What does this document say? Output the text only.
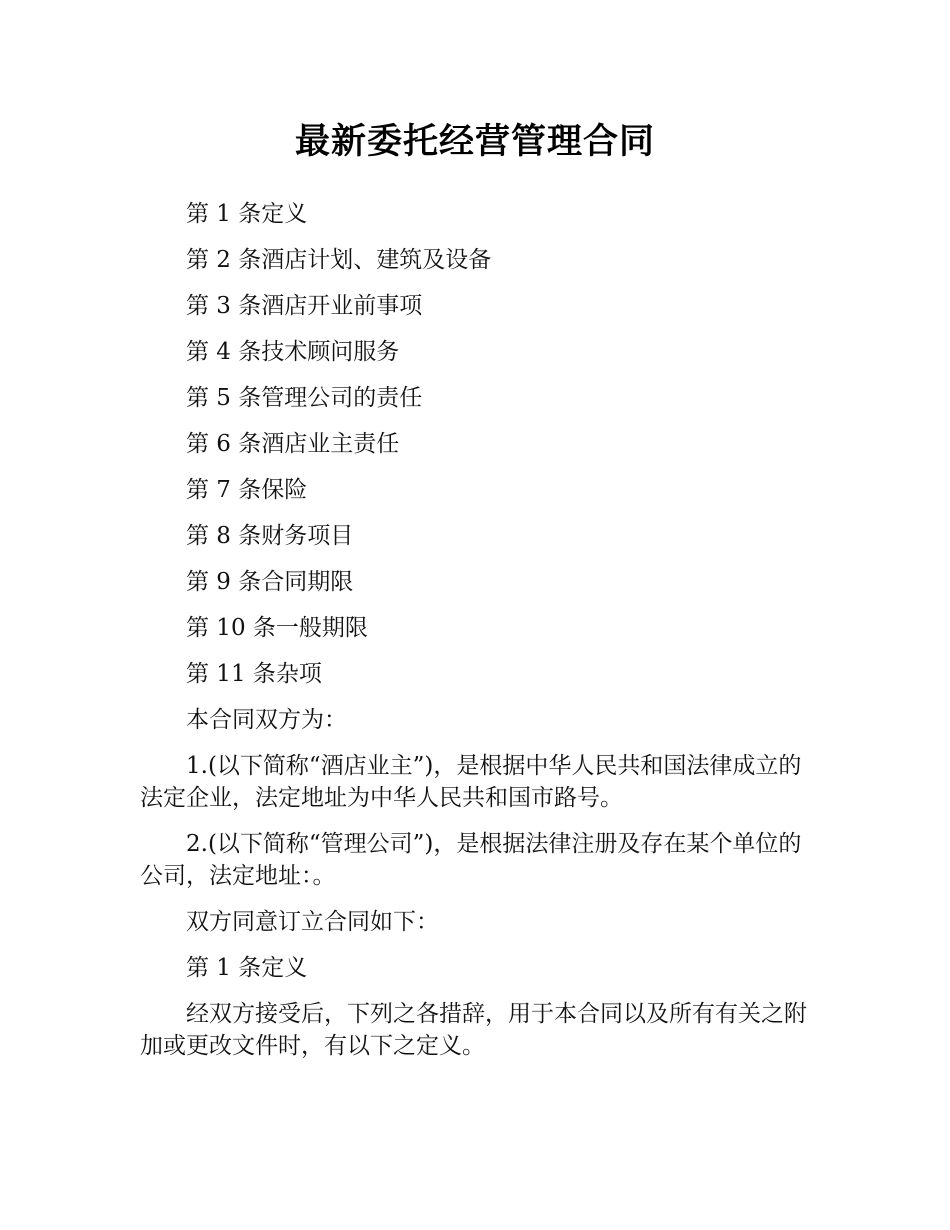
最新委托经营管理合同

第 1 条定义

第 2 条酒店计划、建筑及设备

第 3 条酒店开业前事项

第 4 条技术顾问服务

第 5 条管理公司的责任

第 6 条酒店业主责任

第 7 条保险

第 8 条财务项目

第 9 条合同期限

第 10 条一般期限

第 11 条杂项

本合同双方为：

1.(以下简称“酒店业主”)，是根据中华人民共和国法律成立的法定企业，法定地址为中华人民共和国市路号。

2.(以下简称“管理公司”)，是根据法律注册及存在某个单位的公司，法定地址：。

双方同意订立合同如下：

第 1 条定义

经双方接受后，下列之各措辞，用于本合同以及所有有关之附加或更改文件时，有以下之定义。
